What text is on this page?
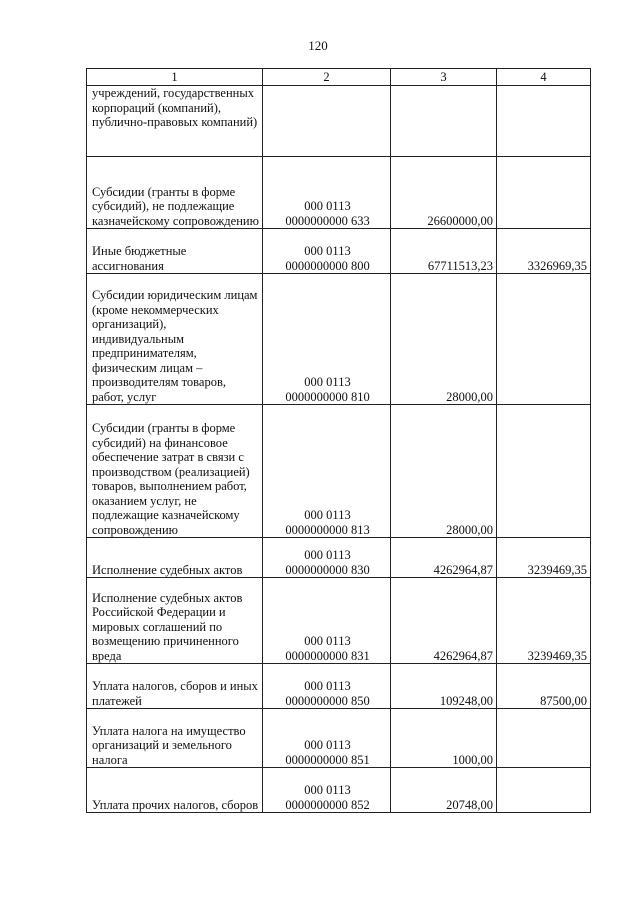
120
1	2	3	4
учреждений, государственных корпораций (компаний), публично-правовых компаний)	

Субсидии (гранты в форме субсидий), не подлежащие казначейскому сопровождению	000 0113
0000000000 633	26600000,00	
Иные бюджетные ассигнования	000 0113
0000000000 800	67711513,23	3326969,35
Субсидии юридическим лицам (кроме некоммерческих организаций), индивидуальным предпринимателям, физическим лицам – производителям товаров, работ, услуг	000 0113
0000000000 810	28000,00	
Субсидии (гранты в форме субсидий) на финансовое обеспечение затрат в связи с производством (реализацией) товаров, выполнением работ, оказанием услуг, не подлежащие казначейскому сопровождению	000 0113
0000000000 813	28000,00	
Исполнение судебных актов	000 0113
0000000000 830	4262964,87	3239469,35
Исполнение судебных актов Российской Федерации и мировых соглашений по возмещению причиненного вреда	000 0113
0000000000 831	4262964,87	3239469,35
Уплата налогов, сборов и иных платежей	000 0113
0000000000 850	109248,00	87500,00
Уплата налога на имущество организаций и земельного налога	000 0113
0000000000 851	1000,00	
Уплата прочих налогов, сборов	000 0113
0000000000 852	20748,00	
